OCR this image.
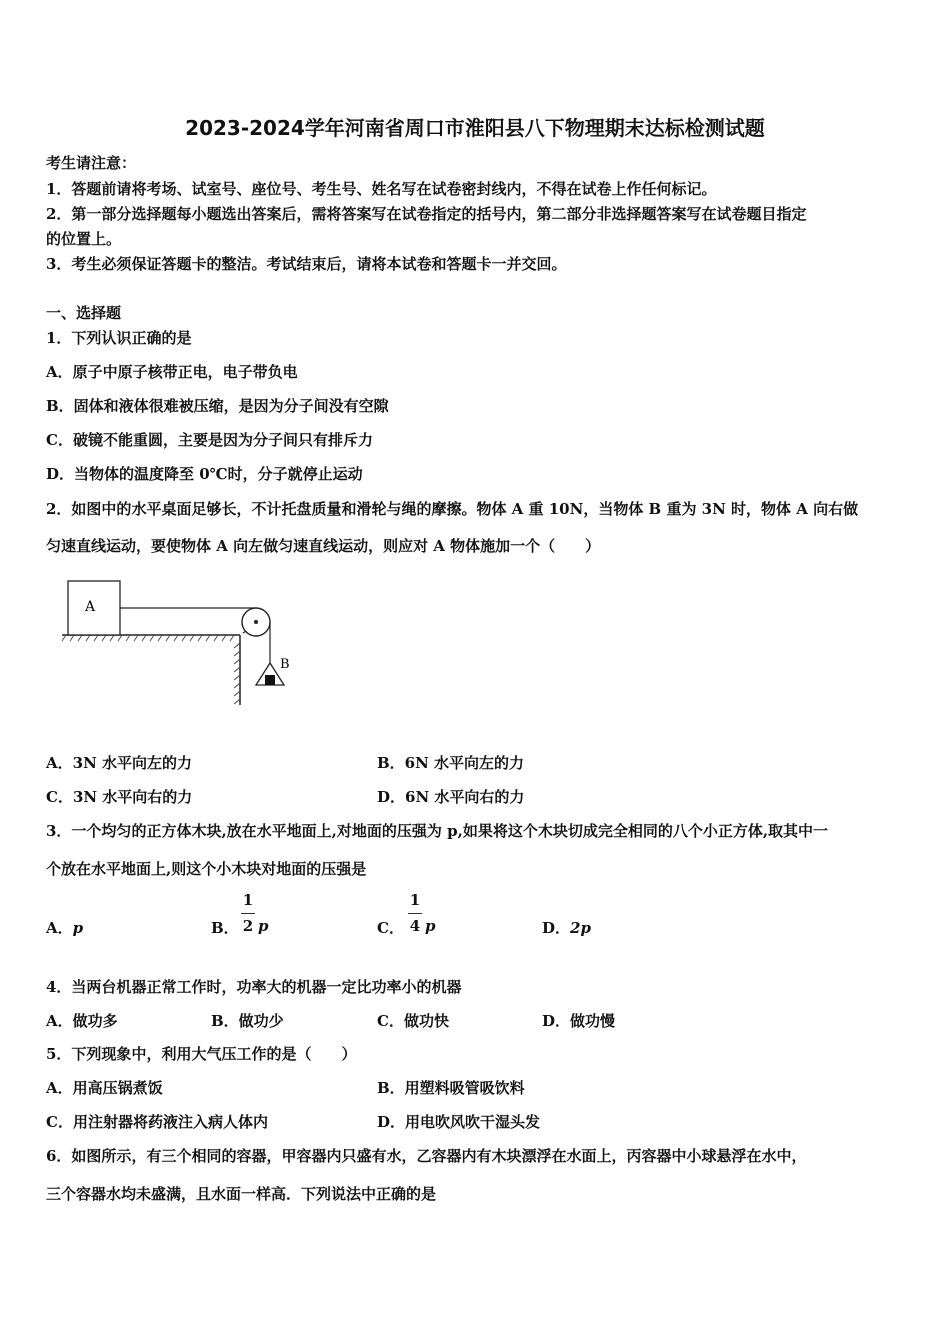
2023-2024学年河南省周口市淮阳县八下物理期末达标检测试题
考生请注意：
1．答题前请将考场、试室号、座位号、考生号、姓名写在试卷密封线内，不得在试卷上作任何标记。
2．第一部分选择题每小题选出答案后，需将答案写在试卷指定的括号内，第二部分非选择题答案写在试卷题目指定
的位置上。
3．考生必须保证答题卡的整洁。考试结束后，请将本试卷和答题卡一并交回。
一、选择题
1．下列认识正确的是
A．原子中原子核带正电，电子带负电
B．固体和液体很难被压缩，是因为分子间没有空隙
C．破镜不能重圆，主要是因为分子间只有排斥力
D．当物体的温度降至 0℃时，分子就停止运动
2．如图中的水平桌面足够长，不计托盘质量和滑轮与绳的摩擦。物体 A 重 10N，当物体 B 重为 3N 时，物体 A 向右做
匀速直线运动，要使物体 A 向左做匀速直线运动，则应对 A 物体施加一个（　　）
A
B
A．3N 水平向左的力	B．6N 水平向左的力
C．3N 水平向右的力	D．6N 水平向右的力
3．一个均匀的正方体木块,放在水平地面上,对地面的压强为 p,如果将这个木块切成完全相同的八个小正方体,取其中一
个放在水平地面上,则这个小木块对地面的压强是
A．p	B．
1
2 p	C．
1
4 p	D．2p
4．当两台机器正常工作时，功率大的机器一定比功率小的机器
A．做功多	B．做功少	C．做功快	D．做功慢
5．下列现象中，利用大气压工作的是（　　）
A．用高压锅煮饭	B．用塑料吸管吸饮料
C．用注射器将药液注入病人体内	D．用电吹风吹干湿头发
6．如图所示，有三个相同的容器，甲容器内只盛有水，乙容器内有木块漂浮在水面上，丙容器中小球悬浮在水中，
三个容器水均未盛满，且水面一样高．下列说法中正确的是
